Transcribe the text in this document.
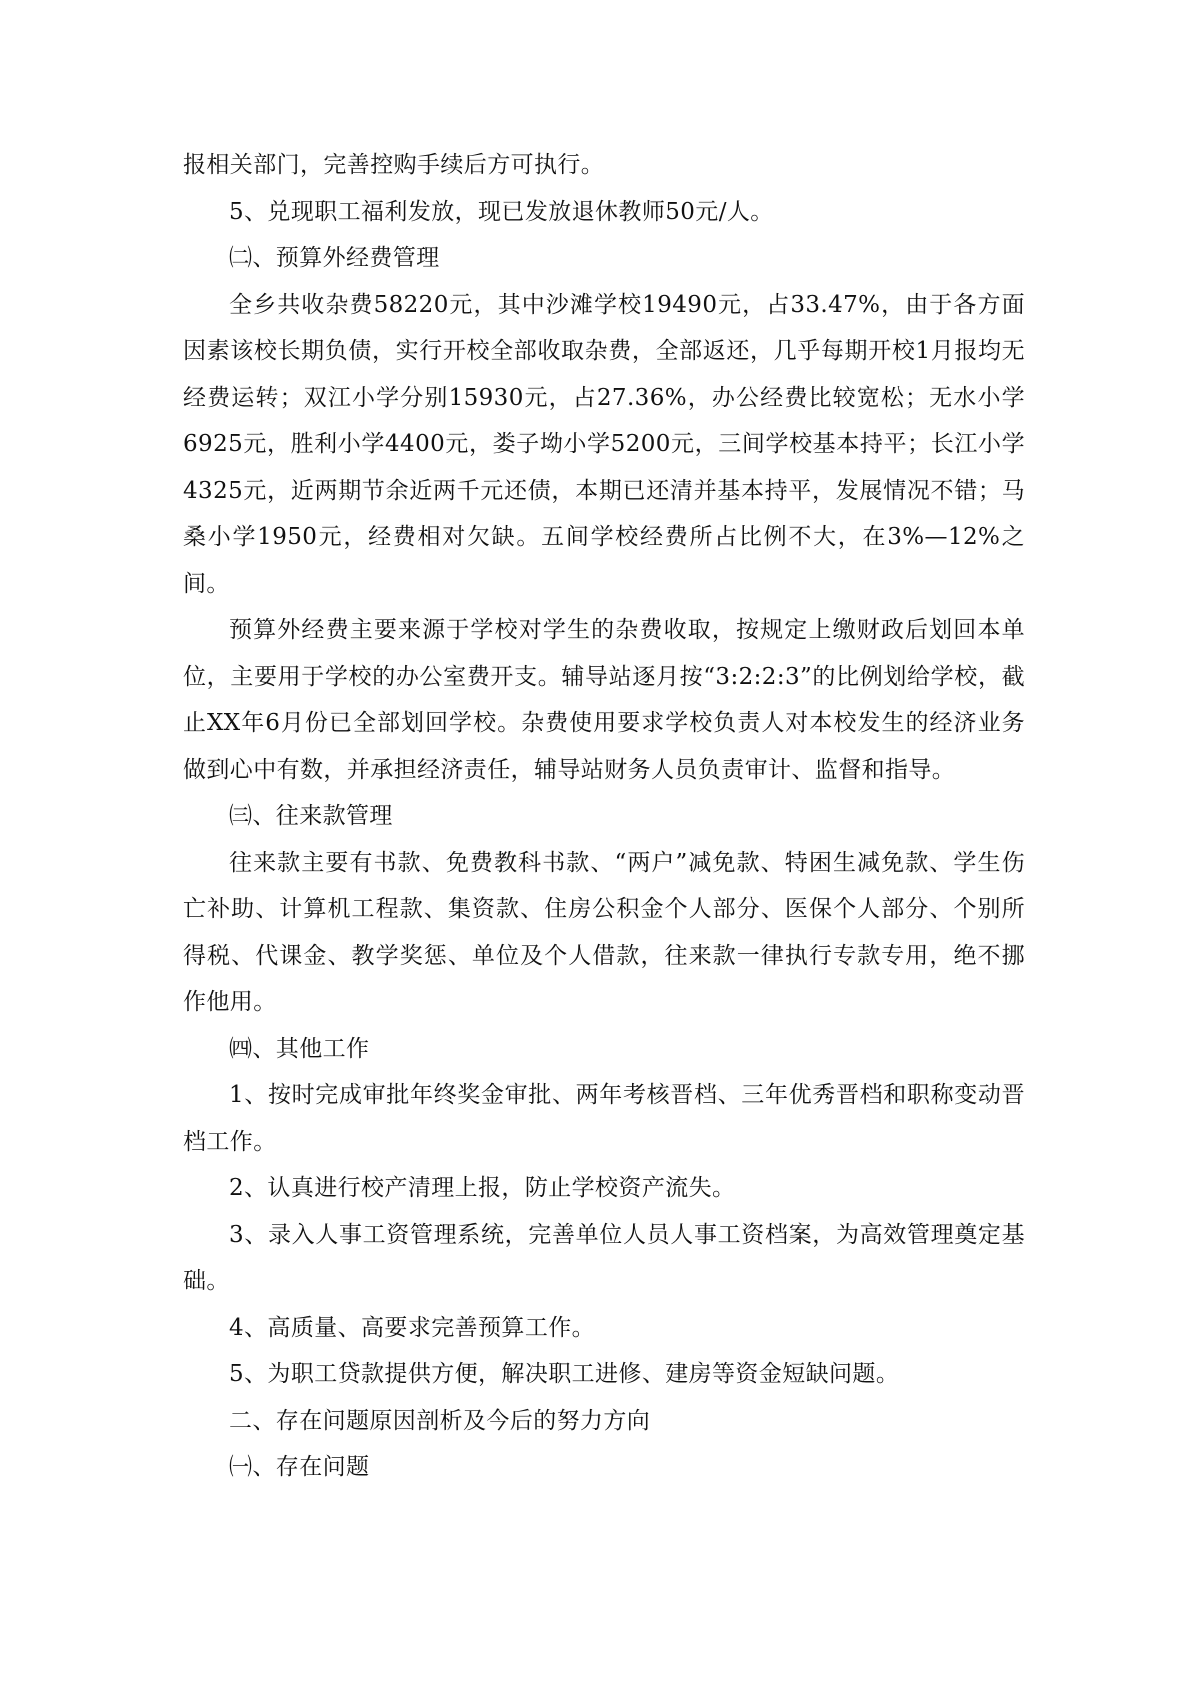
报相关部门，完善控购手续后方可执行。

5、兑现职工福利发放，现已发放退休教师50元/人。

㈡、预算外经费管理

全乡共收杂费58220元，其中沙滩学校19490元，占33.47%，由于各方面因素该校长期负债，实行开校全部收取杂费，全部返还，几乎每期开校1月报均无经费运转；双江小学分别15930元，占27.36%，办公经费比较宽松；无水小学6925元，胜利小学4400元，娄子坳小学5200元，三间学校基本持平；长江小学4325元，近两期节余近两千元还债，本期已还清并基本持平，发展情况不错；马桑小学1950元，经费相对欠缺。五间学校经费所占比例不大，在3%—12%之间。

预算外经费主要来源于学校对学生的杂费收取，按规定上缴财政后划回本单位，主要用于学校的办公室费开支。辅导站逐月按“3:2:2:3”的比例划给学校，截止XX年6月份已全部划回学校。杂费使用要求学校负责人对本校发生的经济业务做到心中有数，并承担经济责任，辅导站财务人员负责审计、监督和指导。

㈢、往来款管理

往来款主要有书款、免费教科书款、“两户”减免款、特困生减免款、学生伤亡补助、计算机工程款、集资款、住房公积金个人部分、医保个人部分、个别所得税、代课金、教学奖惩、单位及个人借款，往来款一律执行专款专用，绝不挪作他用。

㈣、其他工作

1、按时完成审批年终奖金审批、两年考核晋档、三年优秀晋档和职称变动晋档工作。

2、认真进行校产清理上报，防止学校资产流失。

3、录入人事工资管理系统，完善单位人员人事工资档案，为高效管理奠定基础。

4、高质量、高要求完善预算工作。

5、为职工贷款提供方便，解决职工进修、建房等资金短缺问题。

二、存在问题原因剖析及今后的努力方向

㈠、存在问题
